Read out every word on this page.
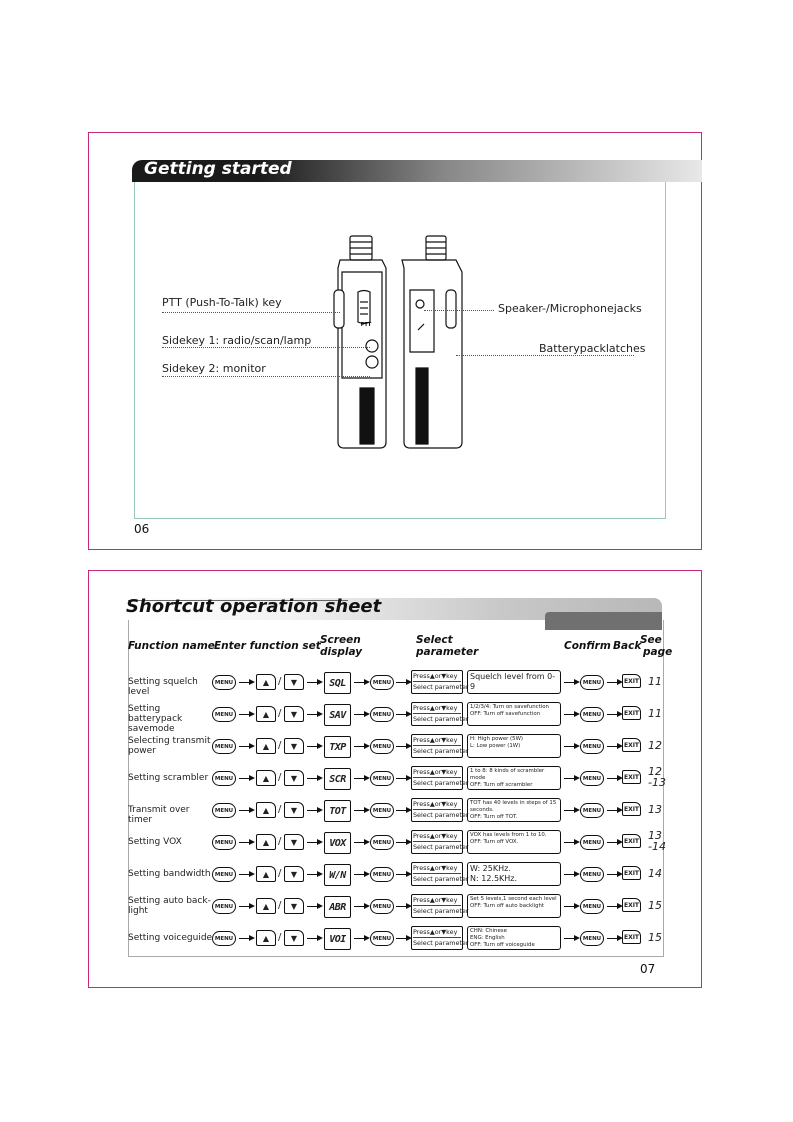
Getting started
PTT
PTT (Push-To-Talk) key
Sidekey 1: radio/scan/lamp
Sidekey 2: monitor
Speaker-/Microphonejacks
Batterypacklatches
06
Shortcut operation sheet
Function name Enter function set Screen
display
Select
parameter	Confirm Back
See
page
Setting squelch level
MENU	▲ /	▼	SQL	MENU
Press▲or▼key
Select parameter
Squelch level from 0-9	MENU	EXIT 11
Setting batterypack savemode
MENU	▲ /	▼	SAV	MENU
Press▲or▼key
Select parameter
1/2/3/4: Turn on savefunction
OFF: Turn off savefunction	MENU	EXIT 11
Selecting transmit power	MENU	▲ /	▼	TXP	MENU
Press▲or▼key
Select parameter
H: High power (5W)
L: Low power (1W)	MENU	EXIT 12
Setting scrambler	MENU	▲ /	▼	SCR	MENU
Press▲or▼key
Select parameter
1 to 8: 8 kinds of scrambler mode
OFF: Turn off scrambler
MENU	EXIT 12
-13
Transmit over timer
MENU	▲ /	▼	TOT	MENU
Press▲or▼key
Select parameter
TOT has 40 levels in steps of 15 seconds.
OFF: Turn off TOT.
MENU	EXIT 13
Setting VOX	MENU	▲ /	▼	VOX	MENU
Press▲or▼key
Select parameter
VOX has levels from 1 to 10.
OFF: Turn off VOX.	MENU	EXIT 13
-14
Setting bandwidth MENU	▲ /	▼	W/N	MENU
Press▲or▼key
Select parameter
W: 25KHz.
N: 12.5KHz.	MENU	EXIT 14
Setting auto back-light	MENU	▲ /	▼	ABR	MENU
Press▲or▼key
Select parameter
Set 5 levels,1 second each level
OFF: Turn off auto backlight	MENU	EXIT 15
Setting voiceguide MENU	▲ /	▼	VOI	MENU
Press▲or▼key
Select parameter
CHN: Chinese
ENG: English
OFF: Turn off voiceguide
MENU	EXIT 15
07
